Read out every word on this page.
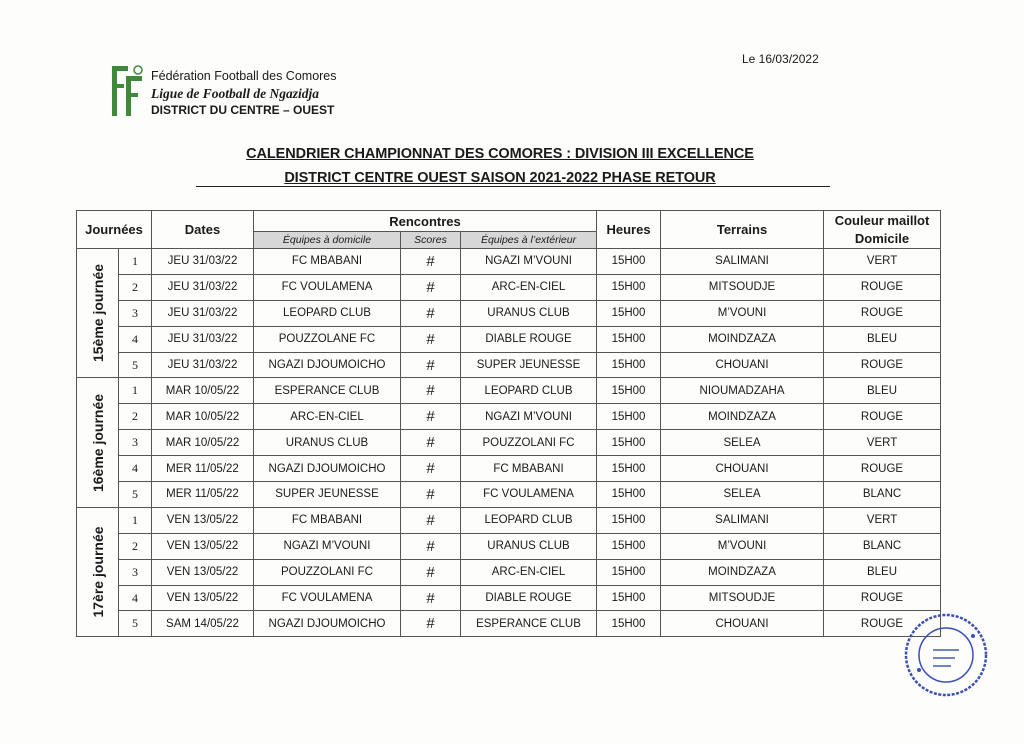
Le 16/03/2022
Fédération Football des Comores
Ligue de Football de Ngazidja
DISTRICT DU CENTRE – OUEST
CALENDRIER CHAMPIONNAT DES COMORES : DIVISION III EXCELLENCE
DISTRICT CENTRE OUEST SAISON 2021-2022 PHASE RETOUR
Journées		Dates	Rencontres			Heures	Terrains	Couleur maillot Domicile
			Équipes à domicile	Scores	Équipes à l’extérieur			

15ème journée	1	JEU 31/03/22	FC MBABANI	#	NGAZI M’VOUNI	15H00	SALIMANI	VERT
	2	JEU 31/03/22	FC VOULAMENA	#	ARC-EN-CIEL	15H00	MITSOUDJE	ROUGE
	3	JEU 31/03/22	LEOPARD CLUB	#	URANUS CLUB	15H00	M’VOUNI	ROUGE
	4	JEU 31/03/22	POUZZOLANE FC	#	DIABLE ROUGE	15H00	MOINDZAZA	BLEU
	5	JEU 31/03/22	NGAZI DJOUMOICHO	#	SUPER JEUNESSE	15H00	CHOUANI	ROUGE

16ème journée	1	MAR 10/05/22	ESPERANCE CLUB	#	LEOPARD CLUB	15H00	NIOUMADZAHA	BLEU
	2	MAR 10/05/22	ARC-EN-CIEL	#	NGAZI M’VOUNI	15H00	MOINDZAZA	ROUGE
	3	MAR 10/05/22	URANUS CLUB	#	POUZZOLANI FC	15H00	SELEA	VERT
	4	MER 11/05/22	NGAZI DJOUMOICHO	#	FC MBABANI	15H00	CHOUANI	ROUGE
	5	MER 11/05/22	SUPER JEUNESSE	#	FC VOULAMENA	15H00	SELEA	BLANC

17ère journée	1	VEN 13/05/22	FC MBABANI	#	LEOPARD CLUB	15H00	SALIMANI	VERT
	2	VEN 13/05/22	NGAZI M’VOUNI	#	URANUS CLUB	15H00	M’VOUNI	BLANC
	3	VEN 13/05/22	POUZZOLANI FC	#	ARC-EN-CIEL	15H00	MOINDZAZA	BLEU
	4	VEN 13/05/22	FC VOULAMENA	#	DIABLE ROUGE	15H00	MITSOUDJE	ROUGE
	5	SAM 14/05/22	NGAZI DJOUMOICHO	#	ESPERANCE CLUB	15H00	CHOUANI	ROUGE
